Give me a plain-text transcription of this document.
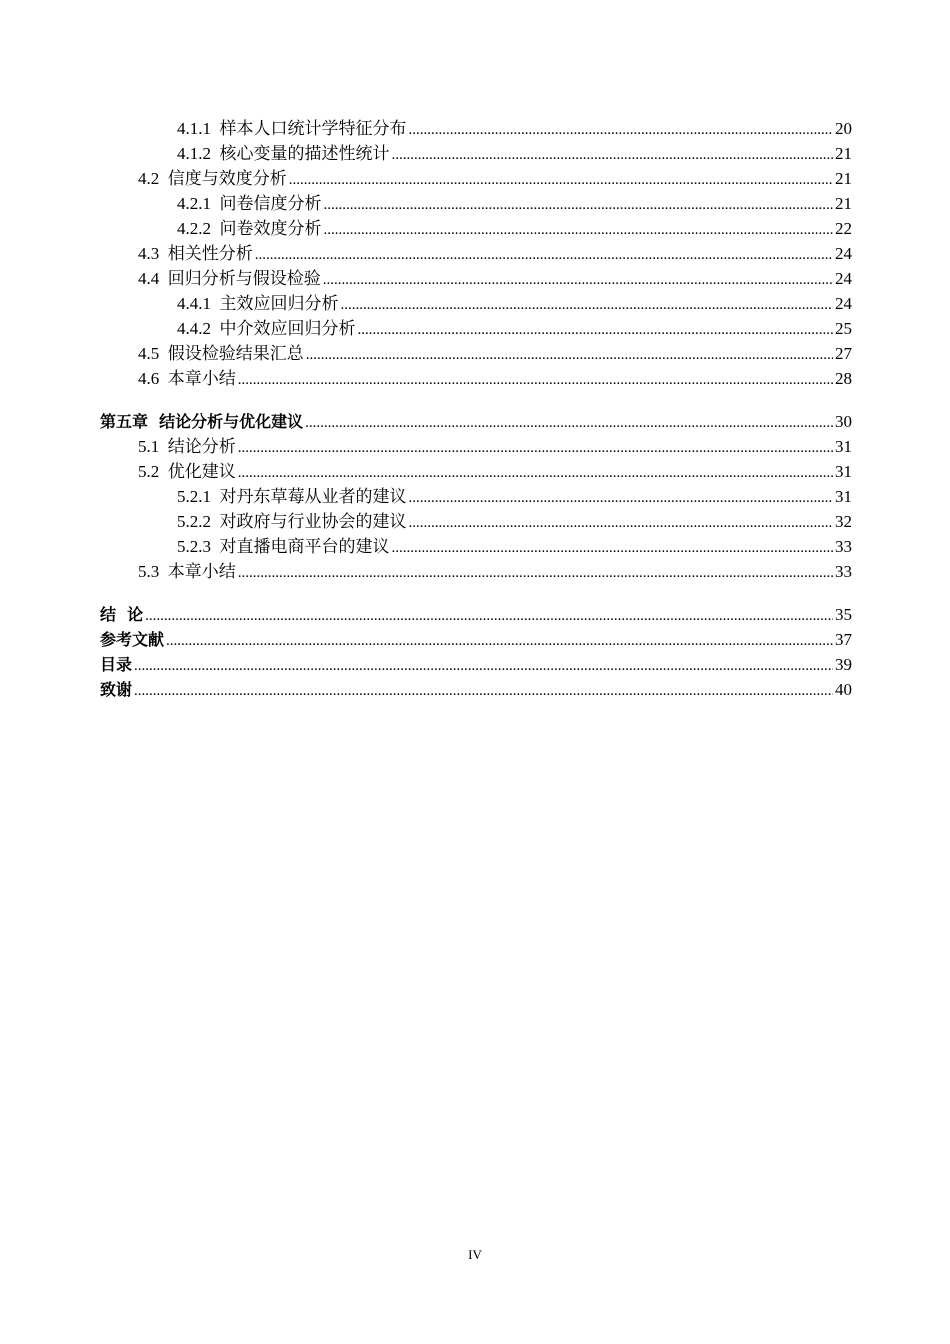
4.1.1  样本人口统计学特征分布 .....	20
4.1.2  核心变量的描述性统计 .....	21
4.2  信度与效度分析 .....	21
4.2.1  问卷信度分析 .....	21
4.2.2  问卷效度分析 .....	22
4.3  相关性分析 .....	24
4.4  回归分析与假设检验 .....	24
4.4.1  主效应回归分析 .....	24
4.4.2  中介效应回归分析 .....	25
4.5  假设检验结果汇总 .....	27
4.6  本章小结 .....	28
第五章  结论分析与优化建议 .....	30
5.1  结论分析 .....	31
5.2  优化建议 .....	31
5.2.1  对丹东草莓从业者的建议 .....	31
5.2.2  对政府与行业协会的建议 .....	32
5.2.3  对直播电商平台的建议 .....	33
5.3  本章小结 .....	33
结  论 .....	35
参考文献 .....	37
目录 .....	39
致谢 .....	40
IV
